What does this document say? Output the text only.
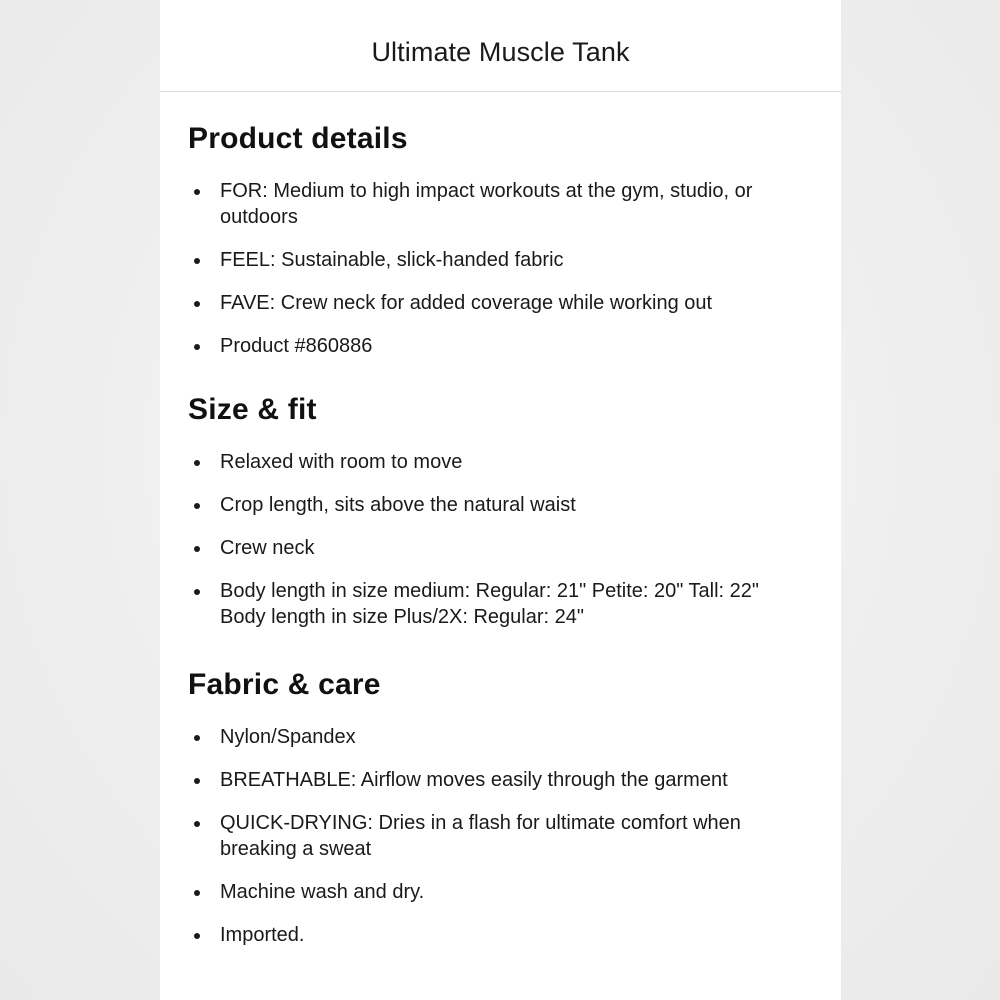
Ultimate Muscle Tank
Product details
FOR: Medium to high impact workouts at the gym, studio, or outdoors
FEEL: Sustainable, slick-handed fabric
FAVE: Crew neck for added coverage while working out
Product #860886
Size & fit
Relaxed with room to move
Crop length, sits above the natural waist
Crew neck
Body length in size medium: Regular: 21" Petite: 20" Tall: 22" Body length in size Plus/2X: Regular: 24"
Fabric & care
Nylon/Spandex
BREATHABLE: Airflow moves easily through the garment
QUICK-DRYING: Dries in a flash for ultimate comfort when breaking a sweat
Machine wash and dry.
Imported.
